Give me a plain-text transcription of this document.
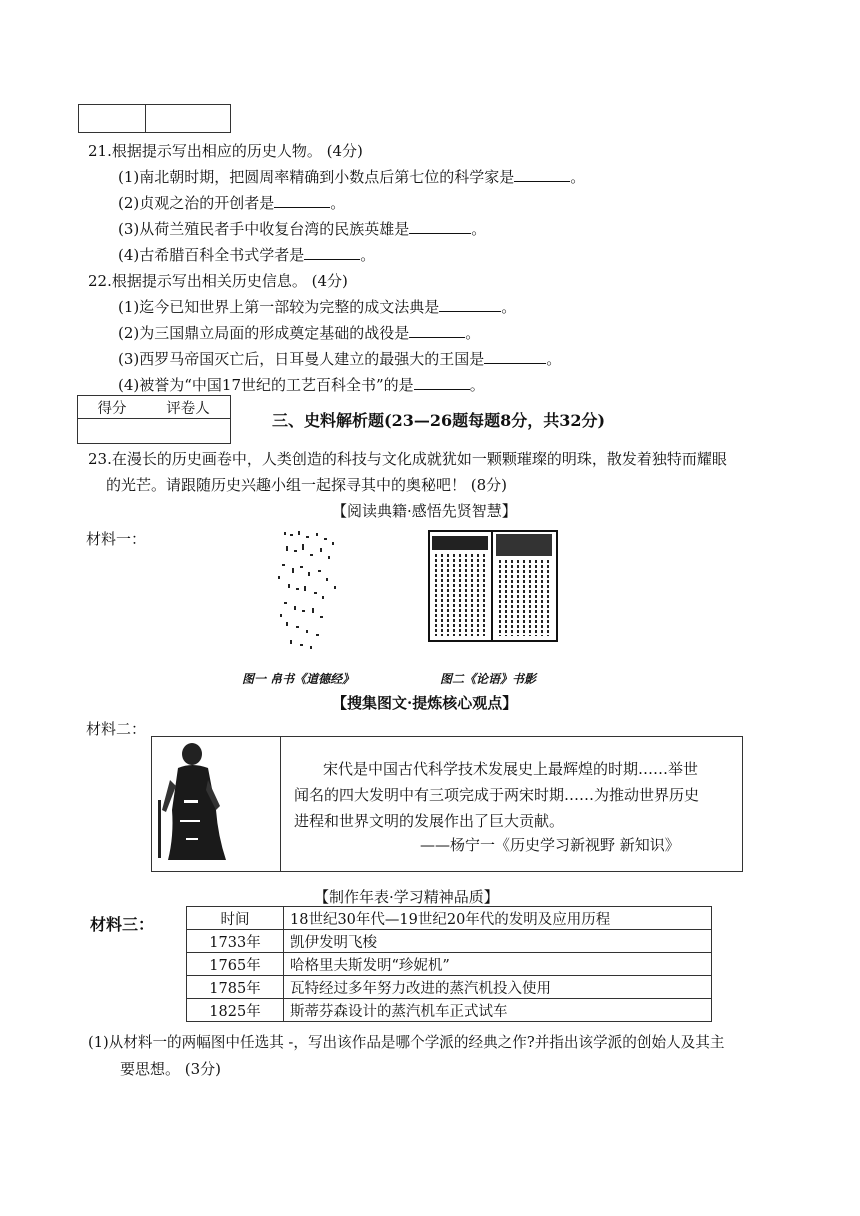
21.根据提示写出相应的历史人物。 (4分)
(1)南北朝时期，把圆周率精确到小数点后第七位的科学家是	。
(2)贞观之治的开创者是	。
(3)从荷兰殖民者手中收复台湾的民族英雄是	。
(4)古希腊百科全书式学者是	。
22.根据提示写出相关历史信息。 (4分)
(1)迄今已知世界上第一部较为完整的成文法典是	。
(2)为三国鼎立局面的形成奠定基础的战役是	。
(3)西罗马帝国灭亡后，日耳曼人建立的最强大的王国是	。
(4)被誉为“中国17世纪的工艺百科全书”的是	。
得分	评卷人

三、史料解析题(23—26题每题8分，共32分)
23.在漫长的历史画卷中，人类创造的科技与文化成就犹如一颗颗璀璨的明珠，散发着独特而耀眼
的光芒。请跟随历史兴趣小组一起探寻其中的奥秘吧！ (8分)
【阅读典籍·感悟先贤智慧】
材料一：
图一 帛书《道德经》	图二《论语》书影
【搜集图文·提炼核心观点】
材料二：
宋代是中国古代科学技术发展史上最辉煌的时期……举世
闻名的四大发明中有三项完成于两宋时期……为推动世界历史
进程和世界文明的发展作出了巨大贡献。
——杨宁一《历史学习新视野 新知识》
【制作年表·学习精神品质】
材料三：	时间	18世纪30年代—19世纪20年代的发明及应用历程
1733年	凯伊发明飞梭
1765年	哈格里夫斯发明“珍妮机”
1785年	瓦特经过多年努力改进的蒸汽机投入使用
1825年	斯蒂芬森设计的蒸汽机车正式试车
(1)从材料一的两幅图中任选其 -，写出该作品是哪个学派的经典之作?并指出该学派的创始人及其主
要思想。 (3分)
